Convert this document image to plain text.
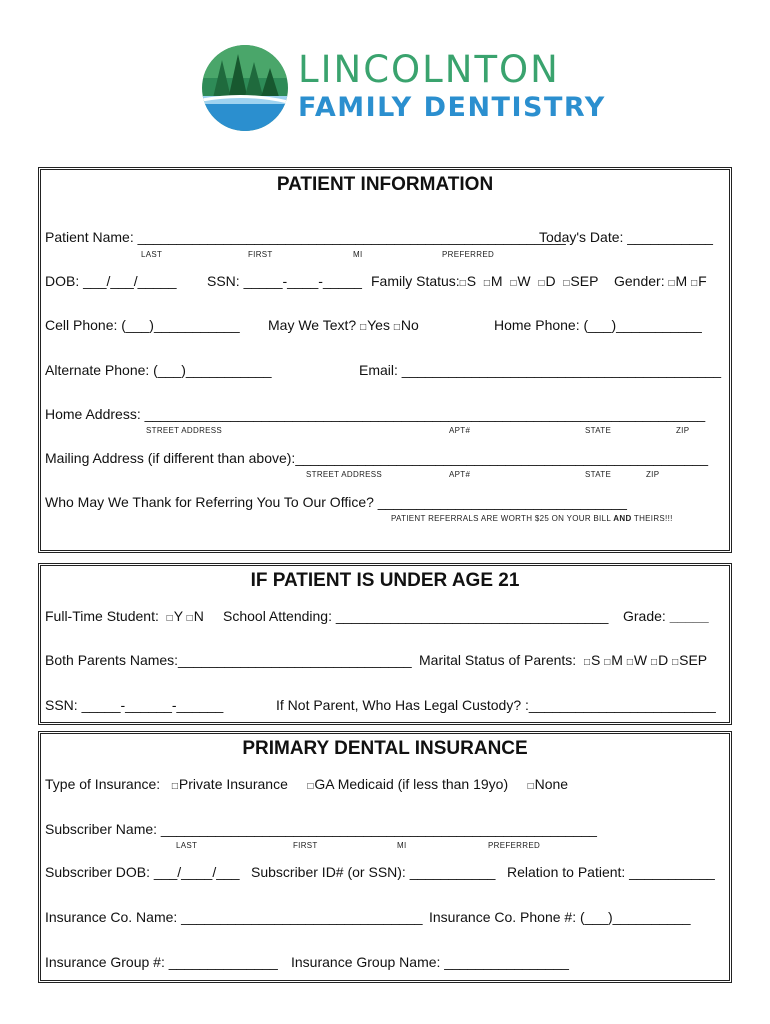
LINCOLNTON
FAMILY DENTISTRY
PATIENT INFORMATION
Patient Name: _______________________________________________________
Today's Date: ___________
LAST	FIRST	MI	PREFERRED
DOB: ___/___/_____ SSN: _____-____-_____ Family Status:□S □M □W □D □SEP Gender: □M □F
Cell Phone: (___)___________ May We Text? □Yes □No	Home Phone: (___)___________
Alternate Phone: (___)___________	Email: _________________________________________
Home Address: ________________________________________________________________________
STREET ADDRESS	APT#	STATE	ZIP
Mailing Address (if different than above):_____________________________________________________
STREET ADDRESS	APT#	STATE	ZIP
Who May We Thank for Referring You To Our Office? ________________________________
PATIENT REFERRALS ARE WORTH $25 ON YOUR BILL AND THEIRS!!!
IF PATIENT IS UNDER AGE 21
Full-Time Student: □Y □N School Attending: ___________________________________ Grade: _____
Both Parents Names:______________________________ Marital Status of Parents: □S □M □W □D □SEP
SSN: _____-______-______	If Not Parent, Who Has Legal Custody? :________________________
PRIMARY DENTAL INSURANCE
Type of Insurance: □Private Insurance □GA Medicaid (if less than 19yo) □None
Subscriber Name: ________________________________________________________
LAST	FIRST	MI	PREFERRED
Subscriber DOB: ___/____/___ Subscriber ID# (or SSN): ___________ Relation to Patient: ___________
Insurance Co. Name: _______________________________ Insurance Co. Phone #: (___)__________
Insurance Group #: ______________ Insurance Group Name: ________________
